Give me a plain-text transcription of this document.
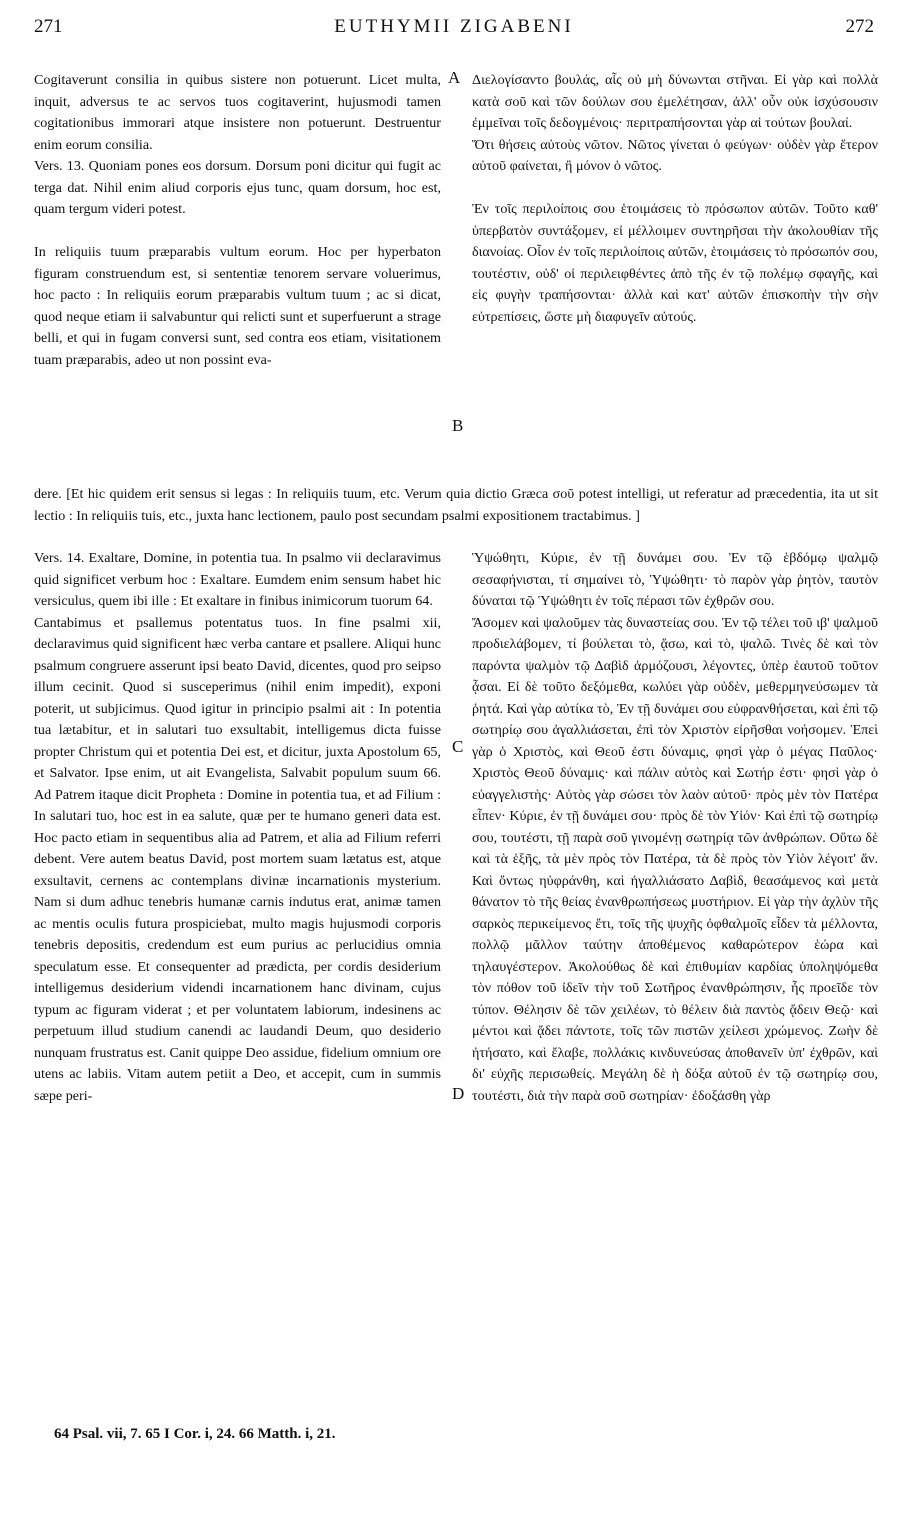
271	EUTHYMII ZIGABENI	272
A
B
C
D

Cogitaverunt consilia in quibus sistere non potuerunt. Licet multa, inquit, adversus te ac servos tuos cogitaverint, hujusmodi tamen cogitationibus immorari atque insistere non potuerunt. Destruentur enim eorum consilia.

Vers. 13. Quoniam pones eos dorsum. Dorsum poni dicitur qui fugit ac terga dat. Nihil enim aliud corporis ejus tunc, quam dorsum, hoc est, quam tergum videri potest.

In reliquiis tuum præparabis vultum eorum. Hoc per hyperbaton figuram construendum est, si sententiæ tenorem servare voluerimus, hoc pacto : In reliquiis eorum præparabis vultum tuum ; ac si dicat, quod neque etiam ii salvabuntur qui relicti sunt et superfuerunt a strage belli, et qui in fugam conversi sunt, sed contra eos etiam, visitationem tuam præparabis, adeo ut non possint eva-

Διελογίσαντο βουλάς, αἷς οὐ μὴ δύνωνται στῆναι. Εἰ γὰρ καὶ πολλὰ κατὰ σοῦ καὶ τῶν δούλων σου ἐμελέτησαν, ἀλλ' οὖν οὐκ ἰσχύσουσιν ἐμμεῖναι τοῖς δεδογμένοις· περιτραπήσονται γὰρ αἱ τούτων βουλαί.

Ὅτι θήσεις αὐτοὺς νῶτον. Νῶτος γίνεται ὁ φεύγων· οὐδὲν γὰρ ἕτερον αὐτοῦ φαίνεται, ἢ μόνον ὁ νῶτος.

Ἐν τοῖς περιλοίποις σου ἑτοιμάσεις τὸ πρόσωπον αὐτῶν. Τοῦτο καθ' ὑπερβατὸν συντάξομεν, εἰ μέλλοιμεν συντηρῆσαι τὴν ἀκολουθίαν τῆς διανοίας. Οἷον ἐν τοῖς περιλοίποις αὐτῶν, ἑτοιμάσεις τὸ πρόσωπόν σου, τουτέστιν, οὐδ' οἱ περιλειφθέντες ἀπὸ τῆς ἐν τῷ πολέμῳ σφαγῆς, καὶ εἰς φυγὴν τραπήσονται· ἀλλὰ καὶ κατ' αὐτῶν ἐπισκοπὴν τὴν σὴν εὐτρεπίσεις, ὥστε μὴ διαφυγεῖν αὐτούς.

dere. [Et hic quidem erit sensus si legas : In reliquiis tuum, etc. Verum quia dictio Græca σοῦ potest intelligi, ut referatur ad præcedentia, ita ut sit lectio : In reliquiis tuis, etc., juxta hanc lectionem, paulo post secundam psalmi expositionem tractabimus. ]

Vers. 14. Exaltare, Domine, in potentia tua. In psalmo vii declaravimus quid significet verbum hoc : Exaltare. Eumdem enim sensum habet hic versiculus, quem ibi ille : Et exaltare in finibus inimicorum tuorum 64.

Cantabimus et psallemus potentatus tuos. In fine psalmi xii, declaravimus quid significent hæc verba cantare et psallere. Aliqui hunc psalmum congruere asserunt ipsi beato David, dicentes, quod pro seipso illum cecinit. Quod si susceperimus (nihil enim impedit), exponi poterit, ut subjicimus. Quod igitur in principio psalmi ait : In potentia tua lætabitur, et in salutari tuo exsultabit, intelligemus dicta fuisse propter Christum qui et potentia Dei est, et dicitur, juxta Apostolum 65, et Salvator. Ipse enim, ut ait Evangelista, Salvabit populum suum 66. Ad Patrem itaque dicit Propheta : Domine in potentia tua, et ad Filium : In salutari tuo, hoc est in ea salute, quæ per te humano generi data est. Hoc pacto etiam in sequentibus alia ad Patrem, et alia ad Filium referri debent. Vere autem beatus David, post mortem suam lætatus est, atque exsultavit, cernens ac contemplans divinæ incarnationis mysterium. Nam si dum adhuc tenebris humanæ carnis indutus erat, animæ tamen ac mentis oculis futura prospiciebat, multo magis hujusmodi corporis tenebris depositis, credendum est eum purius ac perlucidius omnia speculatum esse. Et consequenter ad prædicta, per cordis desiderium intelligemus desiderium videndi incarnationem hanc divinam, cujus typum ac figuram viderat ; et per voluntatem labiorum, indesinens ac perpetuum illud studium canendi ac laudandi Deum, quo desiderio nunquam frustratus est. Canit quippe Deo assidue, fidelium omnium ore utens ac labiis. Vitam autem petiit a Deo, et accepit, cum in summis sæpe peri-

Ὑψώθητι, Κύριε, ἐν τῇ δυνάμει σου. Ἐν τῷ ἑβδόμῳ ψαλμῷ σεσαφήνισται, τί σημαίνει τὸ, Ὑψώθητι· τὸ παρὸν γὰρ ῥητὸν, ταυτὸν δύναται τῷ Ὑψώθητι ἐν τοῖς πέρασι τῶν ἐχθρῶν σου.

Ἄσομεν καὶ ψαλοῦμεν τὰς δυναστείας σου. Ἐν τῷ τέλει τοῦ ιβ' ψαλμοῦ προδιελάβομεν, τί βούλεται τὸ, ᾄσω, καὶ τὸ, ψαλῶ. Τινὲς δὲ καὶ τὸν παρόντα ψαλμὸν τῷ Δαβὶδ ἁρμόζουσι, λέγοντες, ὑπὲρ ἑαυτοῦ τοῦτον ᾆσαι. Εἰ δὲ τοῦτο δεξόμεθα, κωλύει γὰρ οὐδὲν, μεθερμηνεύσωμεν τὰ ῥητά. Καὶ γὰρ αὐτίκα τὸ, Ἐν τῇ δυνάμει σου εὐφρανθήσεται, καὶ ἐπὶ τῷ σωτηρίῳ σου ἀγαλλιάσεται, ἐπὶ τὸν Χριστὸν εἰρῆσθαι νοήσομεν. Ἐπεὶ γὰρ ὁ Χριστὸς, καὶ Θεοῦ ἐστι δύναμις, φησὶ γὰρ ὁ μέγας Παῦλος· Χριστὸς Θεοῦ δύναμις· καὶ πάλιν αὐτὸς καὶ Σωτήρ ἐστι· φησὶ γὰρ ὁ εὐαγγελιστὴς· Αὐτὸς γὰρ σώσει τὸν λαὸν αὐτοῦ· πρὸς μὲν τὸν Πατέρα εἶπεν· Κύριε, ἐν τῇ δυνάμει σου· πρὸς δὲ τὸν Υἱόν· Καὶ ἐπὶ τῷ σωτηρίῳ σου, τουτέστι, τῇ παρὰ σοῦ γινομένῃ σωτηρίᾳ τῶν ἀνθρώπων. Οὕτω δὲ καὶ τὰ ἑξῆς, τὰ μὲν πρὸς τὸν Πατέρα, τὰ δὲ πρὸς τὸν Υἱὸν λέγοιτ' ἄν. Καὶ ὄντως ηὐφράνθη, καὶ ἠγαλλιάσατο Δαβὶδ, θεασάμενος καὶ μετὰ θάνατον τὸ τῆς θείας ἐνανθρωπήσεως μυστήριον. Εἰ γὰρ τὴν ἀχλὺν τῆς σαρκὸς περικείμενος ἔτι, τοῖς τῆς ψυχῆς ὀφθαλμοῖς εἶδεν τὰ μέλλοντα, πολλῷ μᾶλλον ταύτην ἀποθέμενος καθαρώτερον ἑώρα καὶ τηλαυγέστερον. Ἀκολούθως δὲ καὶ ἐπιθυμίαν καρδίας ὑποληψόμεθα τὸν πόθον τοῦ ἰδεῖν τὴν τοῦ Σωτῆρος ἐνανθρώπησιν, ἧς προεῖδε τὸν τύπον. Θέλησιν δὲ τῶν χειλέων, τὸ θέλειν διὰ παντὸς ᾄδειν Θεῷ· καὶ μέντοι καὶ ᾄδει πάντοτε, τοῖς τῶν πιστῶν χείλεσι χρώμενος. Ζωὴν δὲ ἠτήσατο, καὶ ἔλαβε, πολλάκις κινδυνεύσας ἀποθανεῖν ὑπ' ἐχθρῶν, καὶ δι' εὐχῆς περισωθείς. Μεγάλη δὲ ἡ δόξα αὐτοῦ ἐν τῷ σωτηρίῳ σου, τουτέστι, διὰ τὴν παρὰ σοῦ σωτηρίαν· ἐδοξάσθη γὰρ

64 Psal. vii, 7. 65 I Cor. i, 24. 66 Matth. i, 21.
